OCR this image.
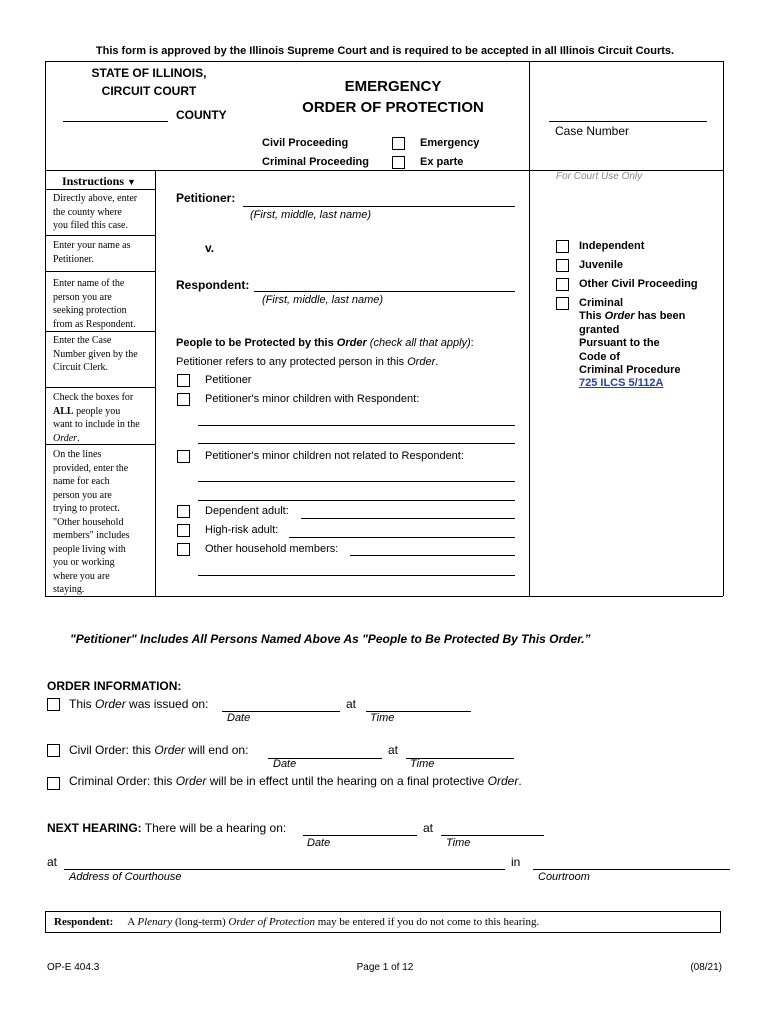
This form is approved by the Illinois Supreme Court and is required to be accepted in all Illinois Circuit Courts.
STATE OF ILLINOIS,
CIRCUIT COURT
COUNTY
EMERGENCY
ORDER OF PROTECTION
Civil Proceeding	Emergency
Criminal Proceeding	Ex parte
Case Number
For Court Use Only
Instructions ▼
Directly above, enter
the county where
you filed this case.
Enter your name as
Petitioner.
Enter name of the
person you are
seeking protection
from as Respondent.
Enter the Case
Number given by the
Circuit Clerk.
Check the boxes for
ALL people you
want to include in the
Order.
On the lines
provided, enter the
name for each
person you are
trying to protect.
"Other household
members" includes
people living with
you or working
where you are
staying.
Petitioner:
(First, middle, last name)
v.
Respondent:
(First, middle, last name)
People to be Protected by this Order (check all that apply):
Petitioner refers to any protected person in this Order.
Petitioner
Petitioner's minor children with Respondent:
Petitioner's minor children not related to Respondent:
Dependent adult:
High-risk adult:
Other household members:
Independent
Juvenile
Other Civil Proceeding
Criminal
This Order has been
granted
Pursuant to the
Code of
Criminal Procedure
725 ILCS 5/112A
"Petitioner" Includes All Persons Named Above As "People to Be Protected By This Order.”
ORDER INFORMATION:
This Order was issued on:	at
Date	Time
Civil Order: this Order will end on:	at
Date	Time
Criminal Order: this Order will be in effect until the hearing on a final protective Order.
NEXT HEARING: There will be a hearing on:	at
Date	Time
at	in
Address of Courthouse	Courtroom
Respondent: A Plenary (long-term) Order of Protection may be entered if you do not come to this hearing.
OP-E 404.3	Page 1 of 12	(08/21)
